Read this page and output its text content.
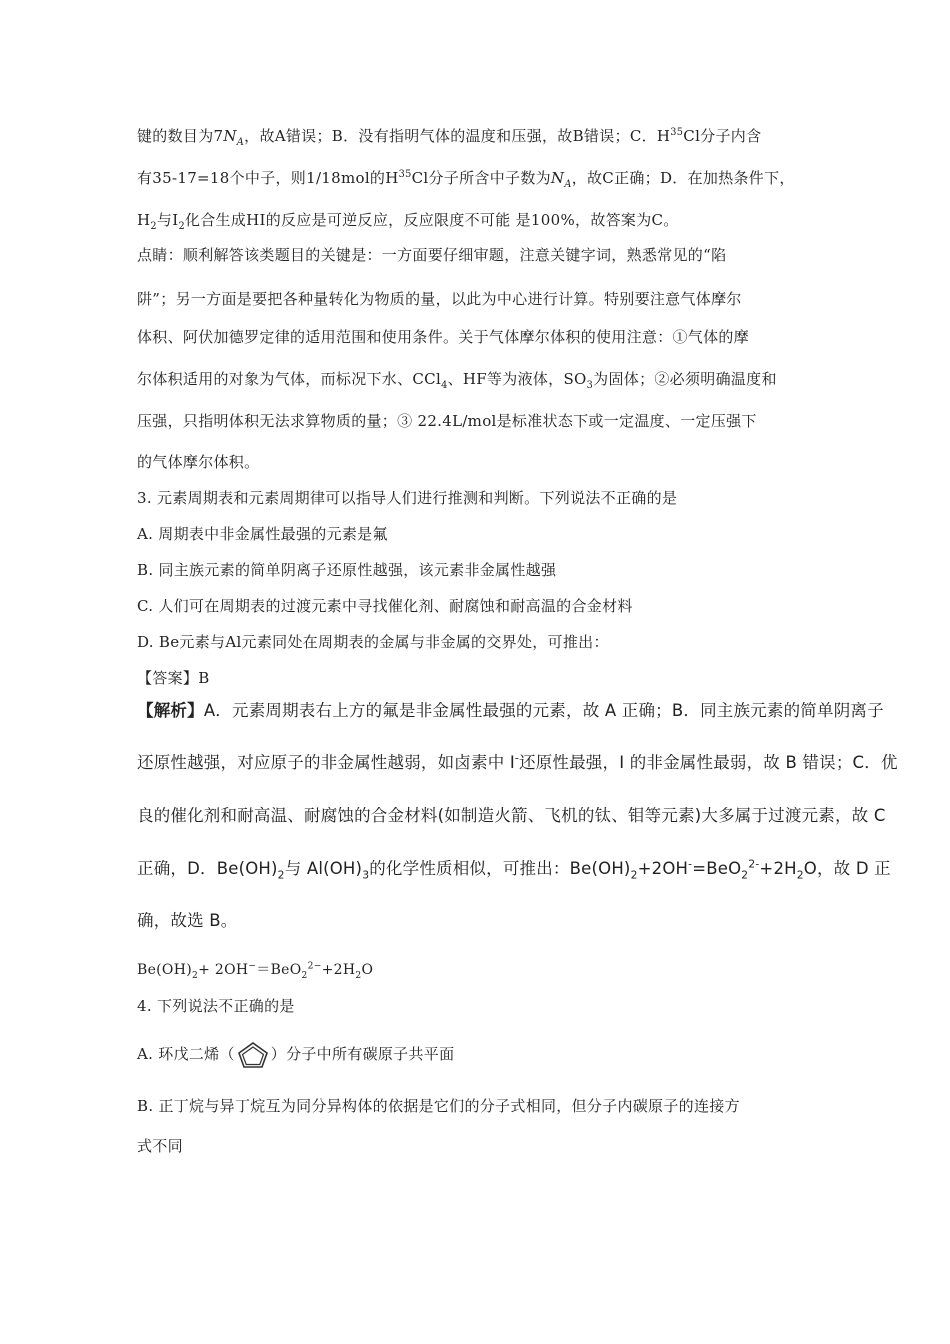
键的数目为$7N_A$，故A错误；B．没有指明气体的温度和压强，故B错误；C．$H^{35}Cl$分子内含
有35-17=18个中子，则1/18mol的$H^{35}Cl$分子所含中子数为$N_A$，故C正确；D．在加热条件下，
$H_2$与$I_2$化合生成HI的反应是可逆反应，反应限度不可能 是100%，故答案为C。
点睛：顺利解答该类题目的关键是：一方面要仔细审题，注意关键字词，熟悉常见的“陷
阱”；另一方面是要把各种量转化为物质的量，以此为中心进行计算。特别要注意气体摩尔
体积、阿伏加德罗定律的适用范围和使用条件。关于气体摩尔体积的使用注意：①气体的摩
尔体积适用的对象为气体，而标况下水、CCl$_4$、HF等为液体，$SO_3$为固体；②必须明确温度和
压强，只指明体积无法求算物质的量；③ 22.4L/mol是标准状态下或一定温度、一定压强下
的气体摩尔体积。
3. 元素周期表和元素周期律可以指导人们进行推测和判断。下列说法不正确的是
A. 周期表中非金属性最强的元素是氟
B. 同主族元素的简单阴离子还原性越强，该元素非金属性越强
C. 人们可在周期表的过渡元素中寻找催化剂、耐腐蚀和耐高温的合金材料
D. Be元素与Al元素同处在周期表的金属与非金属的交界处，可推出：
【答案】B
【解析】A．元素周期表右上方的氟是非金属性最强的元素，故 A 正确；B．同主族元素的简单阴离子
还原性越强，对应原子的非金属性越弱，如卤素中 I-还原性最强，I 的非金属性最弱，故 B 错误；C．优
良的催化剂和耐高温、耐腐蚀的合金材料(如制造火箭、飞机的钛、钼等元素)大多属于过渡元素，故 C
正确，D．$Be(OH)_2$与 $Al(OH)_3$的化学性质相似，可推出：$Be(OH)_2+2OH^-=BeO_2^{2-}+2H_2O$，故 D 正
确，故选 B。
$Be(OH)_2+ 2OH^-=BeO_2^{2-}+2H_2O$
4. 下列说法不正确的是
A. 环戊二烯（ ）分子中所有碳原子共平面
B. 正丁烷与异丁烷互为同分异构体的依据是它们的分子式相同，但分子内碳原子的连接方
式不同
